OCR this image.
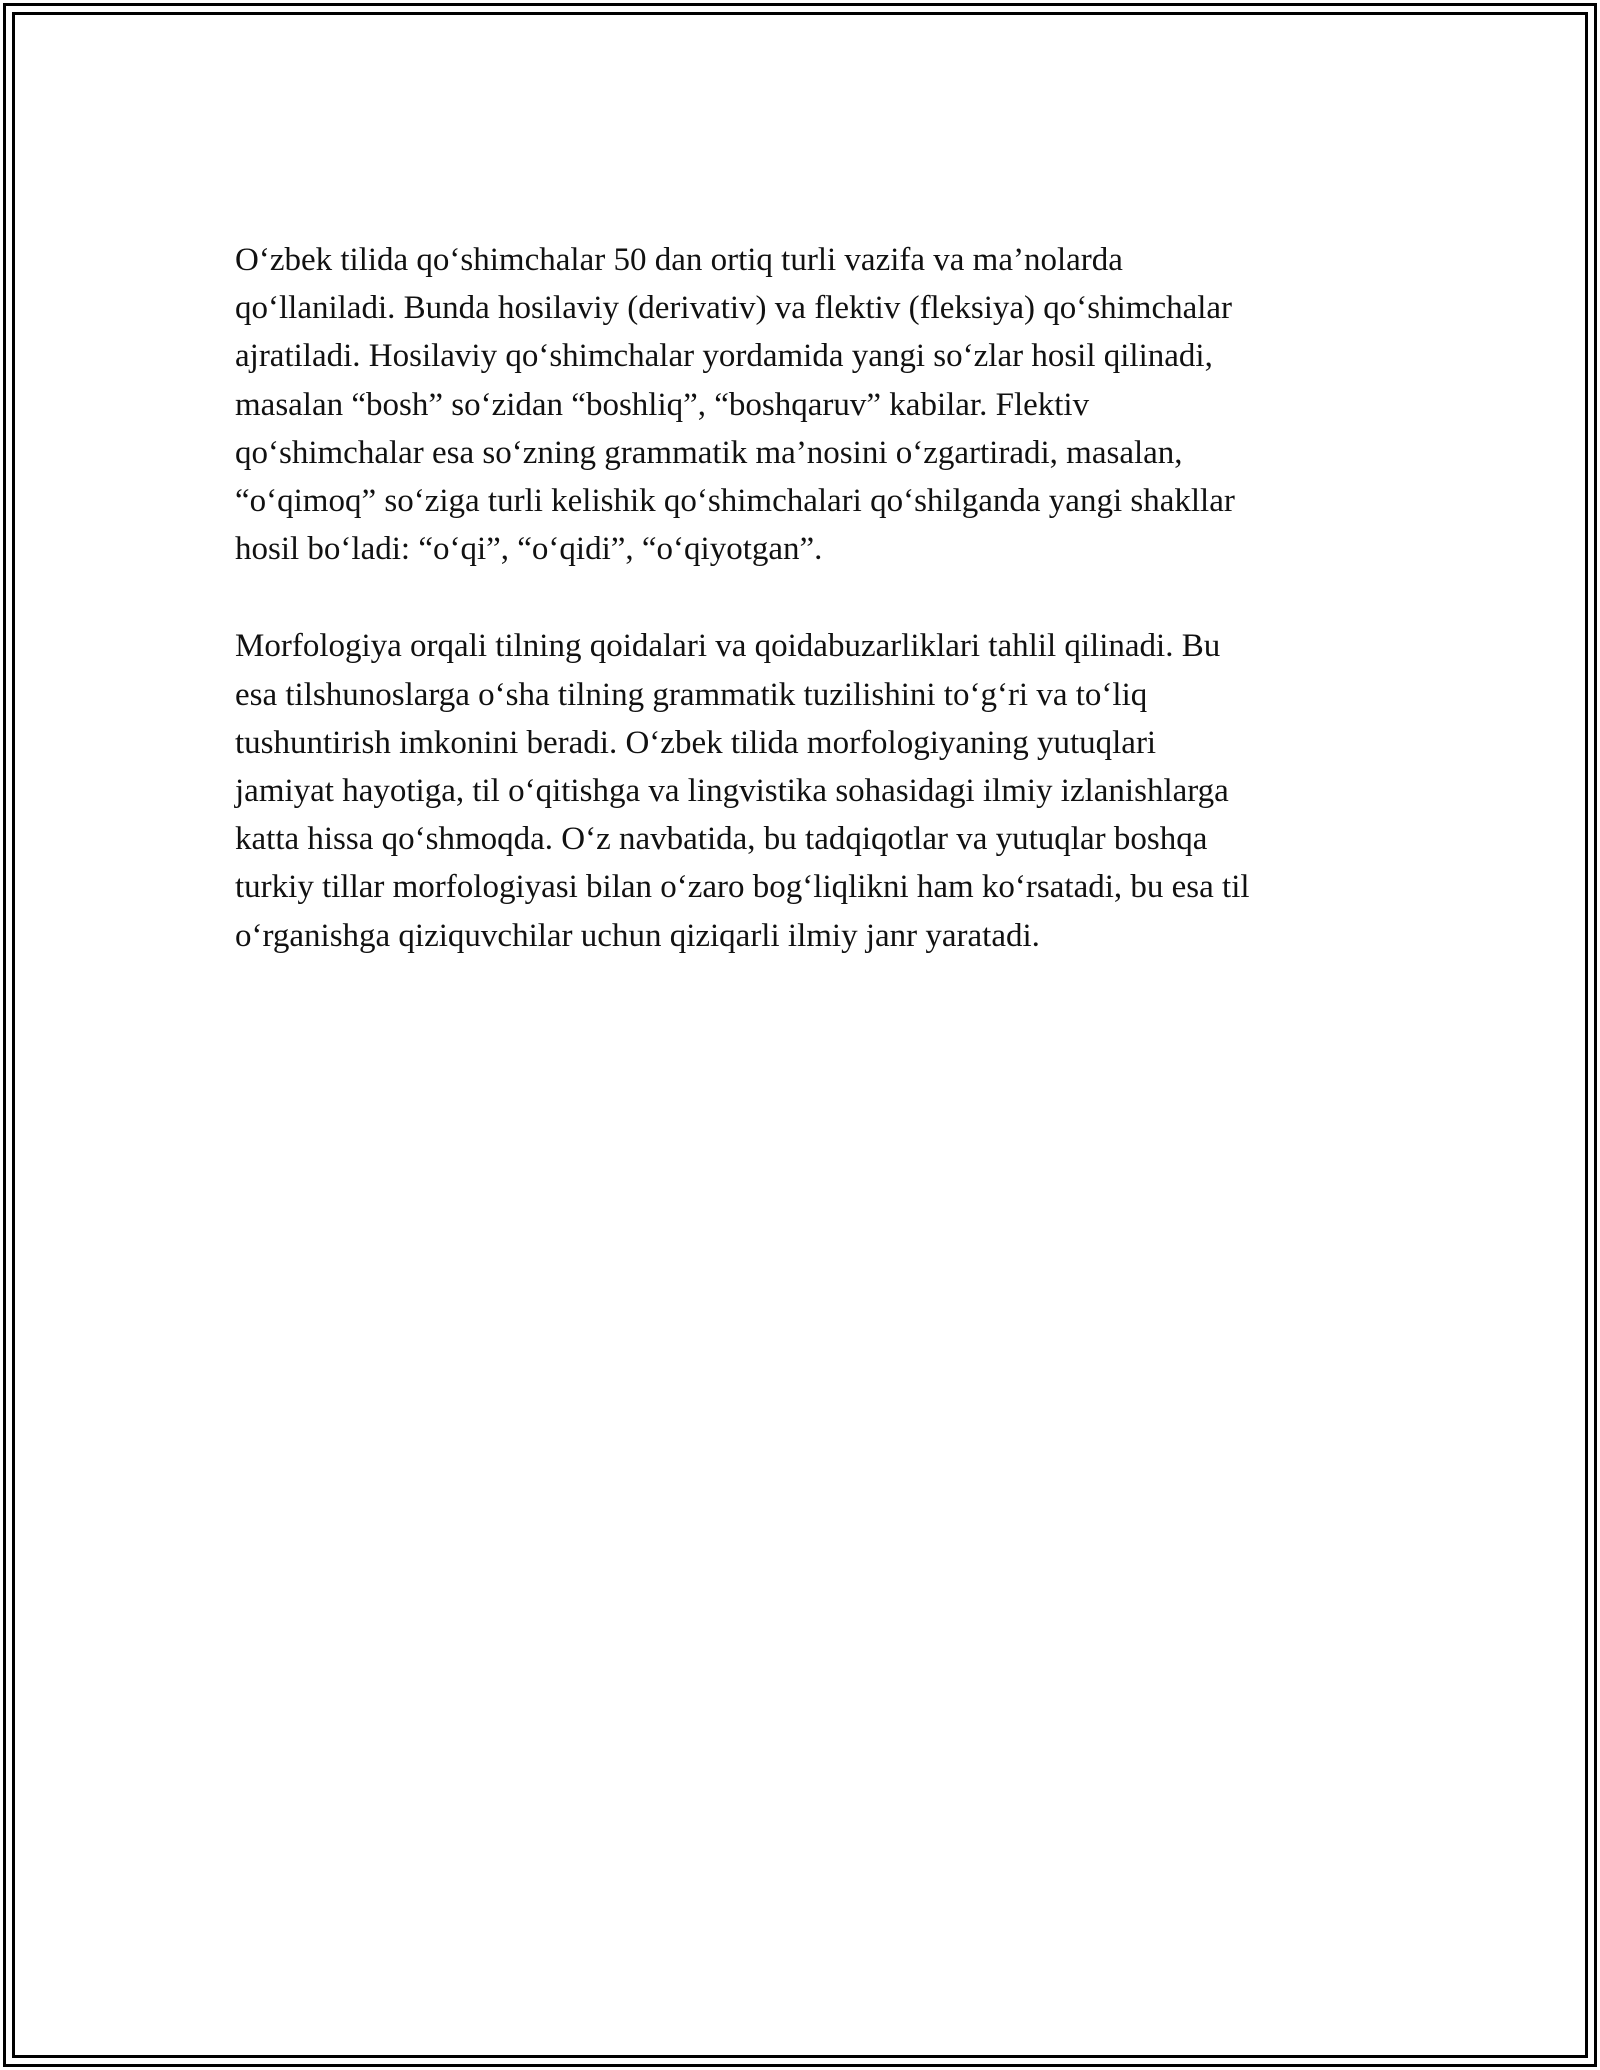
O‘zbek tilida qo‘shimchalar 50 dan ortiq turli vazifa va ma’nolarda
qo‘llaniladi. Bunda hosilaviy (derivativ) va flektiv (fleksiya) qo‘shimchalar
ajratiladi. Hosilaviy qo‘shimchalar yordamida yangi so‘zlar hosil qilinadi,
masalan “bosh” so‘zidan “boshliq”, “boshqaruv” kabilar. Flektiv
qo‘shimchalar esa so‘zning grammatik ma’nosini o‘zgartiradi, masalan,
“o‘qimoq” so‘ziga turli kelishik qo‘shimchalari qo‘shilganda yangi shakllar
hosil bo‘ladi: “o‘qi”, “o‘qidi”, “o‘qiyotgan”.

Morfologiya orqali tilning qoidalari va qoidabuzarliklari tahlil qilinadi. Bu
esa tilshunoslarga o‘sha tilning grammatik tuzilishini to‘g‘ri va to‘liq
tushuntirish imkonini beradi. O‘zbek tilida morfologiyaning yutuqlari
jamiyat hayotiga, til o‘qitishga va lingvistika sohasidagi ilmiy izlanishlarga
katta hissa qo‘shmoqda. O‘z navbatida, bu tadqiqotlar va yutuqlar boshqa
turkiy tillar morfologiyasi bilan o‘zaro bog‘liqlikni ham ko‘rsatadi, bu esa til
o‘rganishga qiziquvchilar uchun qiziqarli ilmiy janr yaratadi.
